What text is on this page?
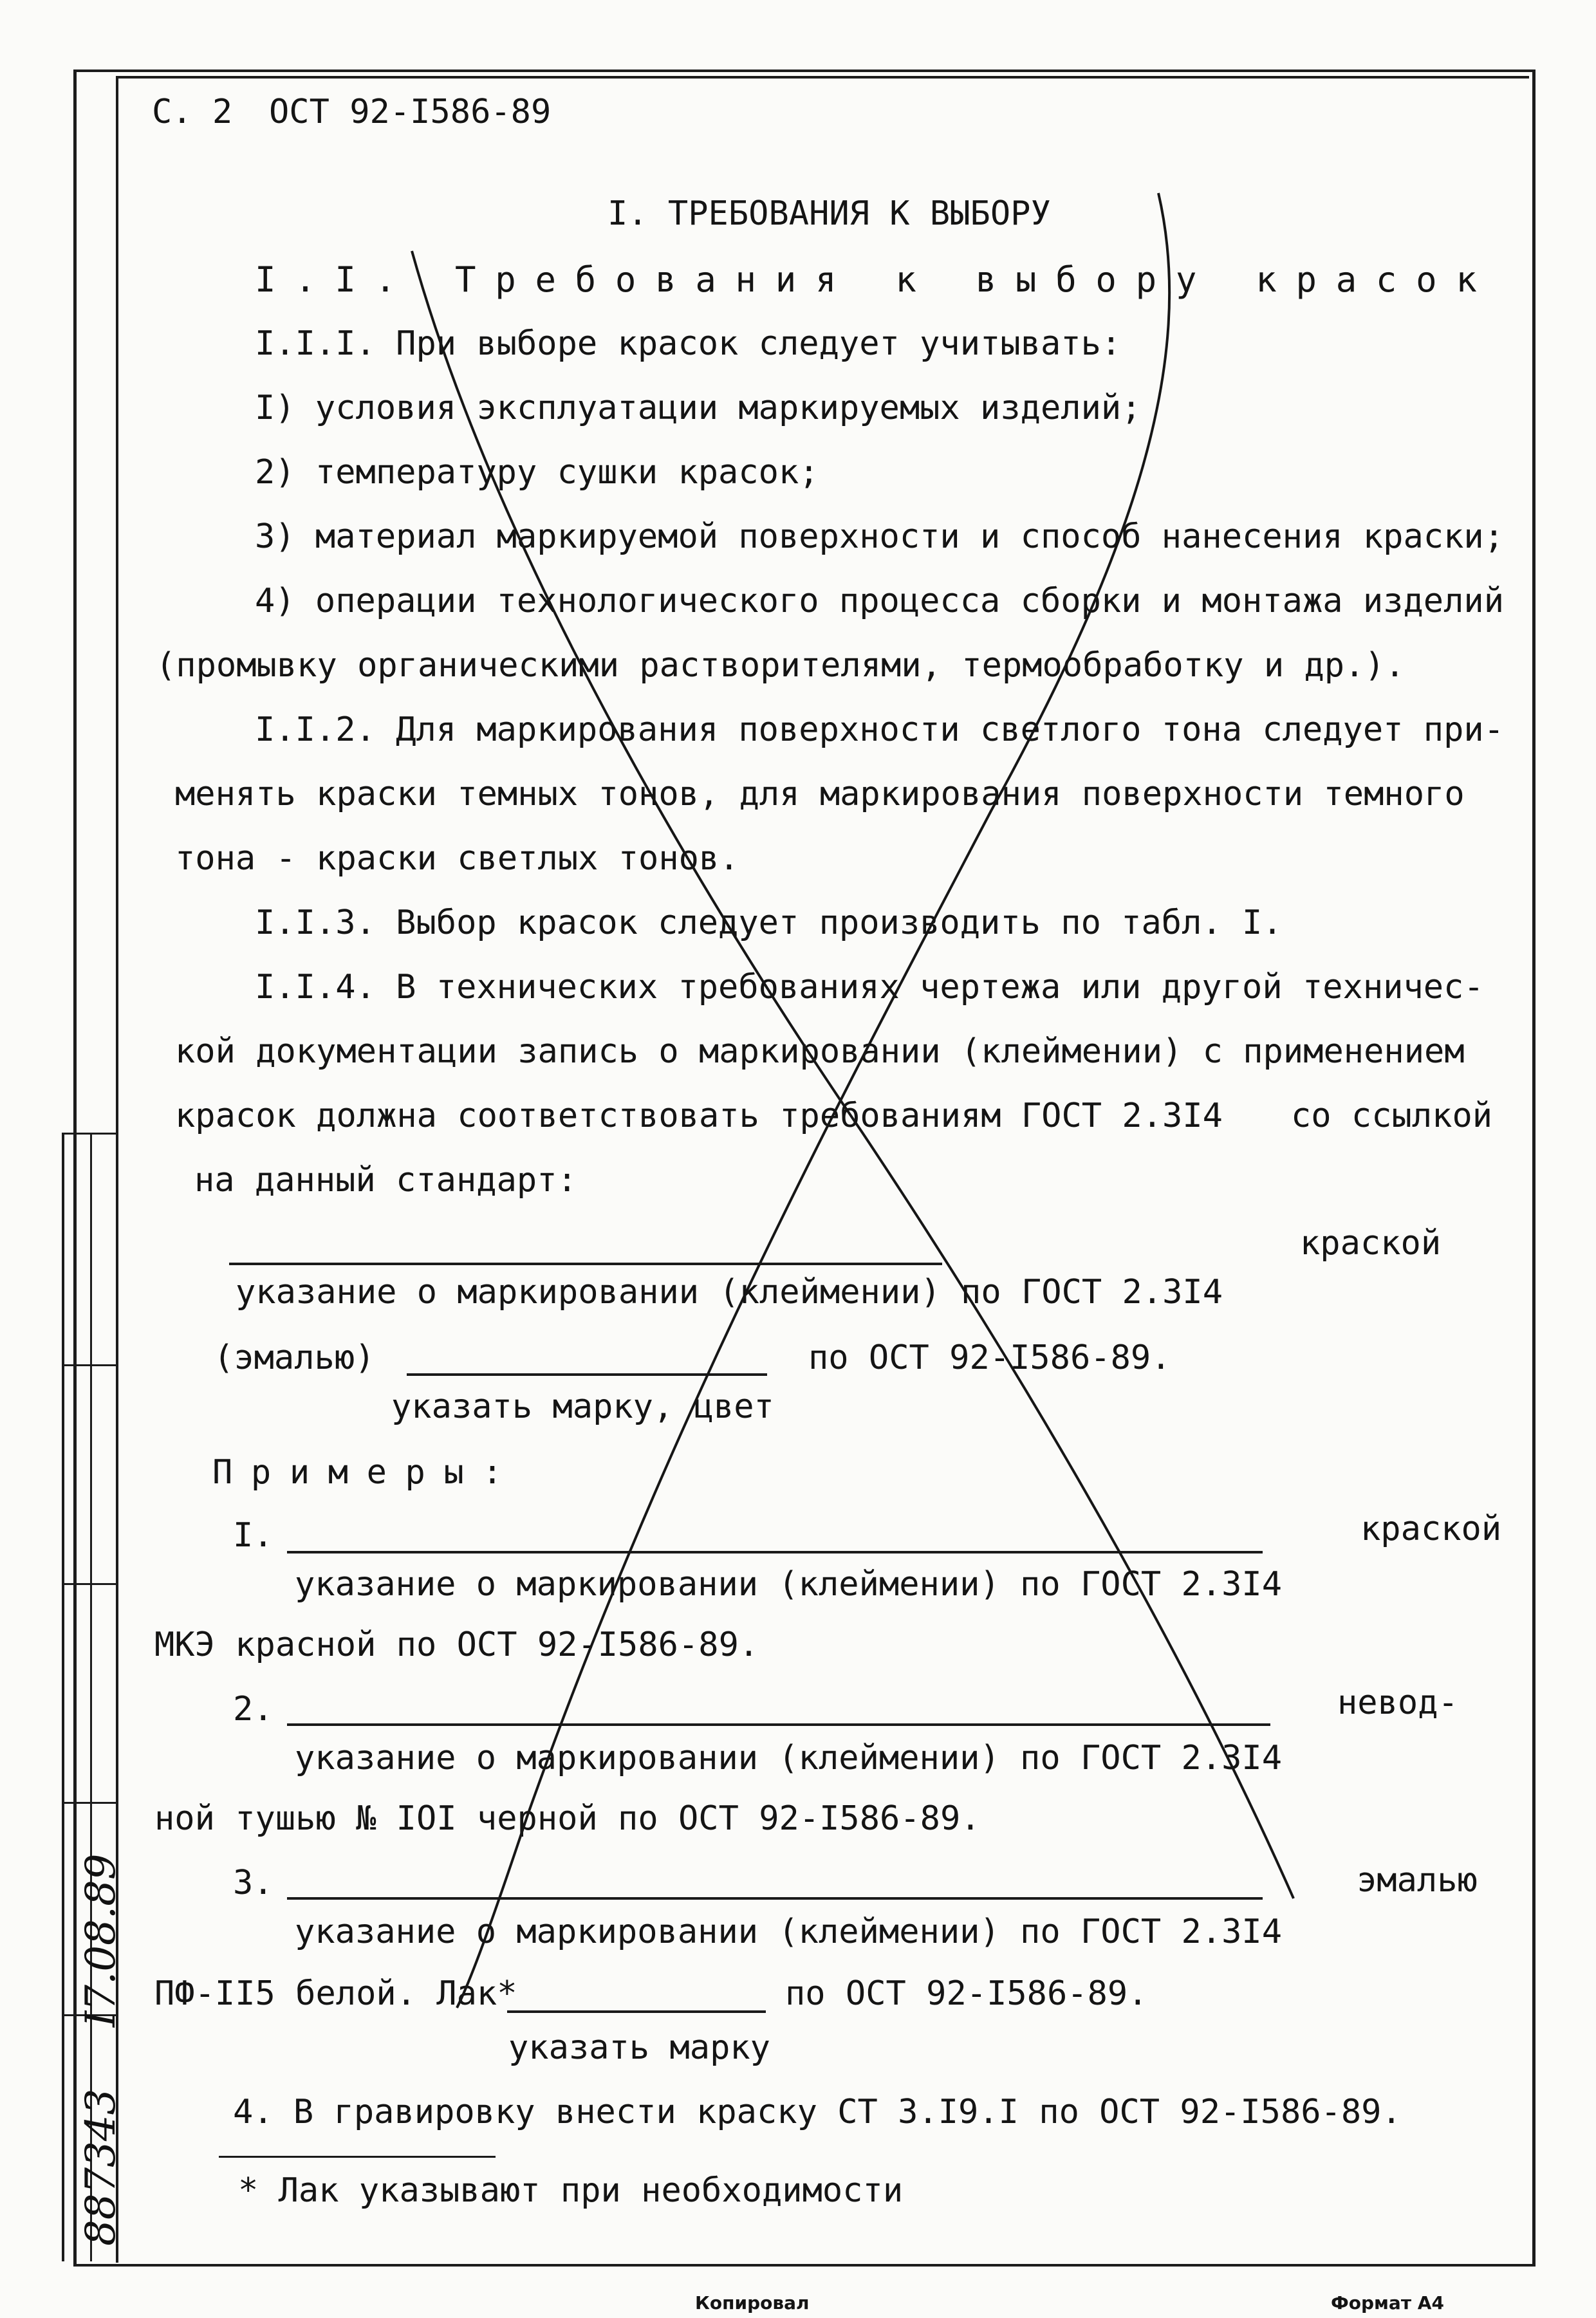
І7.08.89
887343
С. 2 ОСТ 92-І586-89
І. ТРЕБОВАНИЯ К ВЫБОРУ
І.І. Требования к выбору красок
І.І.І. При выборе красок следует учитывать:
І) условия эксплуатации маркируемых изделий;
2) температуру сушки красок;
3) материал маркируемой поверхности и способ нанесения краски;
4) операции технологического процесса сборки и монтажа изделий
(промывку органическими растворителями, термообработку и др.).
І.І.2. Для маркирования поверхности светлого тона следует при-
менять краски темных тонов, для маркирования поверхности темного
тона - краски светлых тонов.
І.І.3. Выбор красок следует производить по табл. І.
І.І.4. В технических требованиях чертежа или другой техничес-
кой документации запись о маркировании (клеймении) с применением
красок должна соответствовать требованиям ГОСТ 2.3І4 со ссылкой
на данный стандарт:
краской
указание о маркировании (клеймении) по ГОСТ 2.3І4
(эмалью)	по ОСТ 92-І586-89.
указать марку, цвет
Примеры:
І.	краской
указание о маркировании (клеймении) по ГОСТ 2.3І4
МКЭ красной по ОСТ 92-І586-89.
2.	невод-
указание о маркировании (клеймении) по ГОСТ 2.3І4
ной тушью № ІОІ черной по ОСТ 92-І586-89.
3.	эмалью
указание о маркировании (клеймении) по ГОСТ 2.3І4
ПФ-ІІ5 белой. Лак*	по ОСТ 92-І586-89.
указать марку
4. В гравировку внести краску СТ 3.І9.І по ОСТ 92-І586-89.
* Лак указывают при необходимости
Копировал	Формат А4
